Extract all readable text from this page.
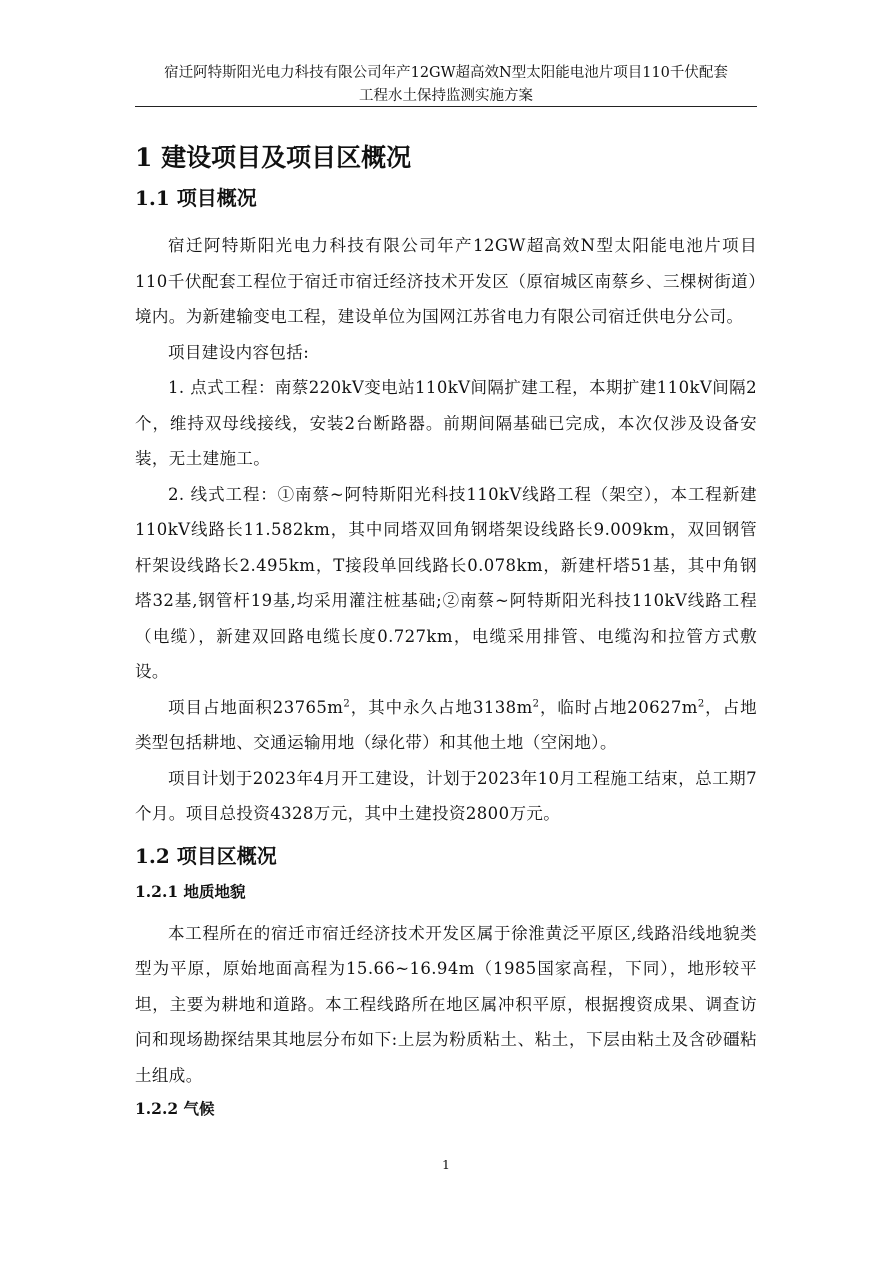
宿迁阿特斯阳光电力科技有限公司年产12GW超高效N型太阳能电池片项目110千伏配套
工程水土保持监测实施方案
1 建设项目及项目区概况
1.1 项目概况

宿迁阿特斯阳光电力科技有限公司年产12GW超高效N型太阳能电池片项目110千伏配套工程位于宿迁市宿迁经济技术开发区（原宿城区南蔡乡、三棵树街道）境内。为新建输变电工程，建设单位为国网江苏省电力有限公司宿迁供电分公司。

项目建设内容包括:

1. 点式工程：南蔡220kV变电站110kV间隔扩建工程，本期扩建110kV间隔2个，维持双母线接线，安装2台断路器。前期间隔基础已完成，本次仅涉及设备安装，无土建施工。

2. 线式工程：①南蔡~阿特斯阳光科技110kV线路工程（架空），本工程新建110kV线路长11.582km，其中同塔双回角钢塔架设线路长9.009km，双回钢管杆架设线路长2.495km，T接段单回线路长0.078km，新建杆塔51基，其中角钢塔32基,钢管杆19基,均采用灌注桩基础;②南蔡~阿特斯阳光科技110kV线路工程（电缆），新建双回路电缆长度0.727km，电缆采用排管、电缆沟和拉管方式敷设。

项目占地面积$23765m^2$，其中永久占地$3138m^2$，临时占地$20627m^2$，占地类型包括耕地、交通运输用地（绿化带）和其他土地（空闲地）。

项目计划于2023年4月开工建设，计划于2023年10月工程施工结束，总工期7个月。项目总投资4328万元，其中土建投资2800万元。

1.2 项目区概况
1.2.1 地质地貌

本工程所在的宿迁市宿迁经济技术开发区属于徐淮黄泛平原区,线路沿线地貌类型为平原，原始地面高程为15.66~16.94m（1985国家高程，下同），地形较平坦，主要为耕地和道路。本工程线路所在地区属冲积平原，根据搜资成果、调查访问和现场勘探结果其地层分布如下:上层为粉质粘土、粘土，下层由粘土及含砂礓粘土组成。

1.2.2 气候
1
